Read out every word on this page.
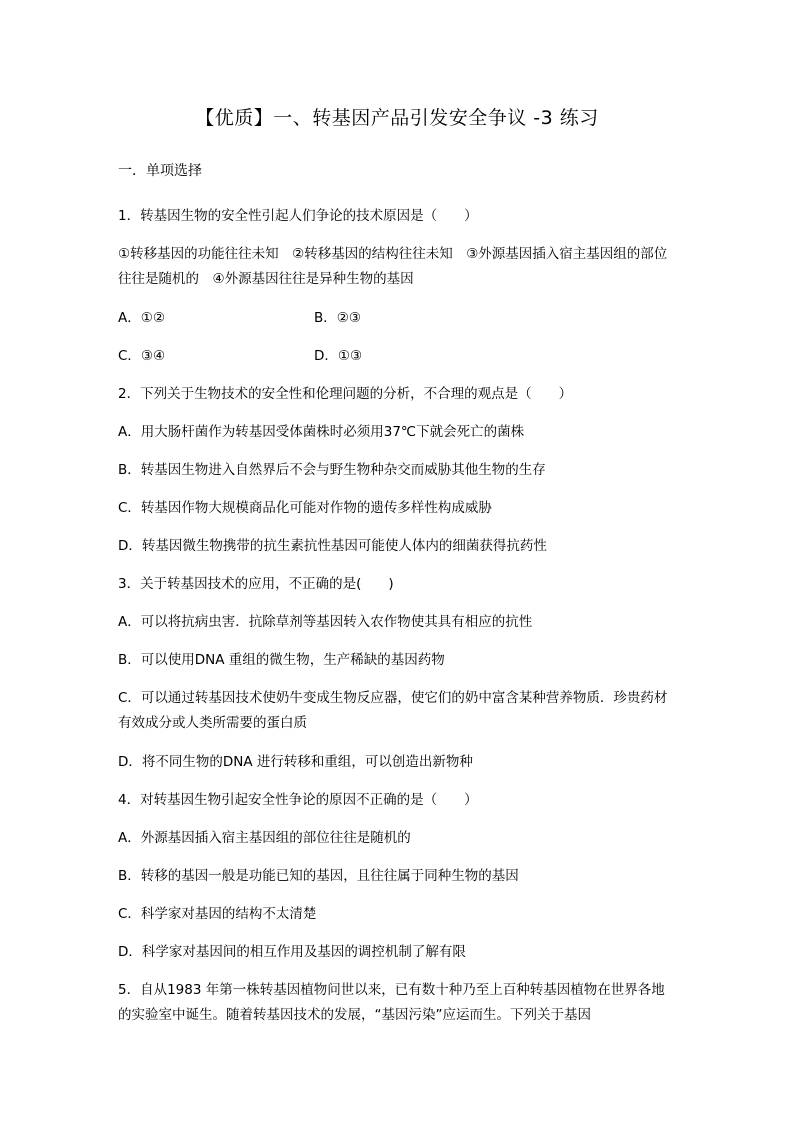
【优质】一、转基因产品引发安全争议 -3 练习
一．单项选择
1．转基因生物的安全性引起人们争论的技术原因是（　　）
①转移基因的功能往往未知　②转移基因的结构往往未知　③外源基因插入宿主基因组的部位往往是随机的　④外源基因往往是异种生物的基因
A．①②	B．②③
C．③④	D．①③
2．下列关于生物技术的安全性和伦理问题的分析，不合理的观点是（　　）
A．用大肠杆菌作为转基因受体菌株时必须用37℃下就会死亡的菌株
B．转基因生物进入自然界后不会与野生物种杂交而威胁其他生物的生存
C．转基因作物大规模商品化可能对作物的遗传多样性构成威胁
D．转基因微生物携带的抗生素抗性基因可能使人体内的细菌获得抗药性
3．关于转基因技术的应用，不正确的是(　　)
A．可以将抗病虫害．抗除草剂等基因转入农作物使其具有相应的抗性
B．可以使用DNA 重组的微生物，生产稀缺的基因药物
C．可以通过转基因技术使奶牛变成生物反应器，使它们的奶中富含某种营养物质．珍贵药材有效成分或人类所需要的蛋白质
D．将不同生物的DNA 进行转移和重组，可以创造出新物种
4．对转基因生物引起安全性争论的原因不正确的是（　　）
A．外源基因插入宿主基因组的部位往往是随机的
B．转移的基因一般是功能已知的基因，且往往属于同种生物的基因
C．科学家对基因的结构不太清楚
D．科学家对基因间的相互作用及基因的调控机制了解有限
5．自从1983 年第一株转基因植物问世以来，已有数十种乃至上百种转基因植物在世界各地的实验室中诞生。随着转基因技术的发展，“基因污染”应运而生。下列关于基因
